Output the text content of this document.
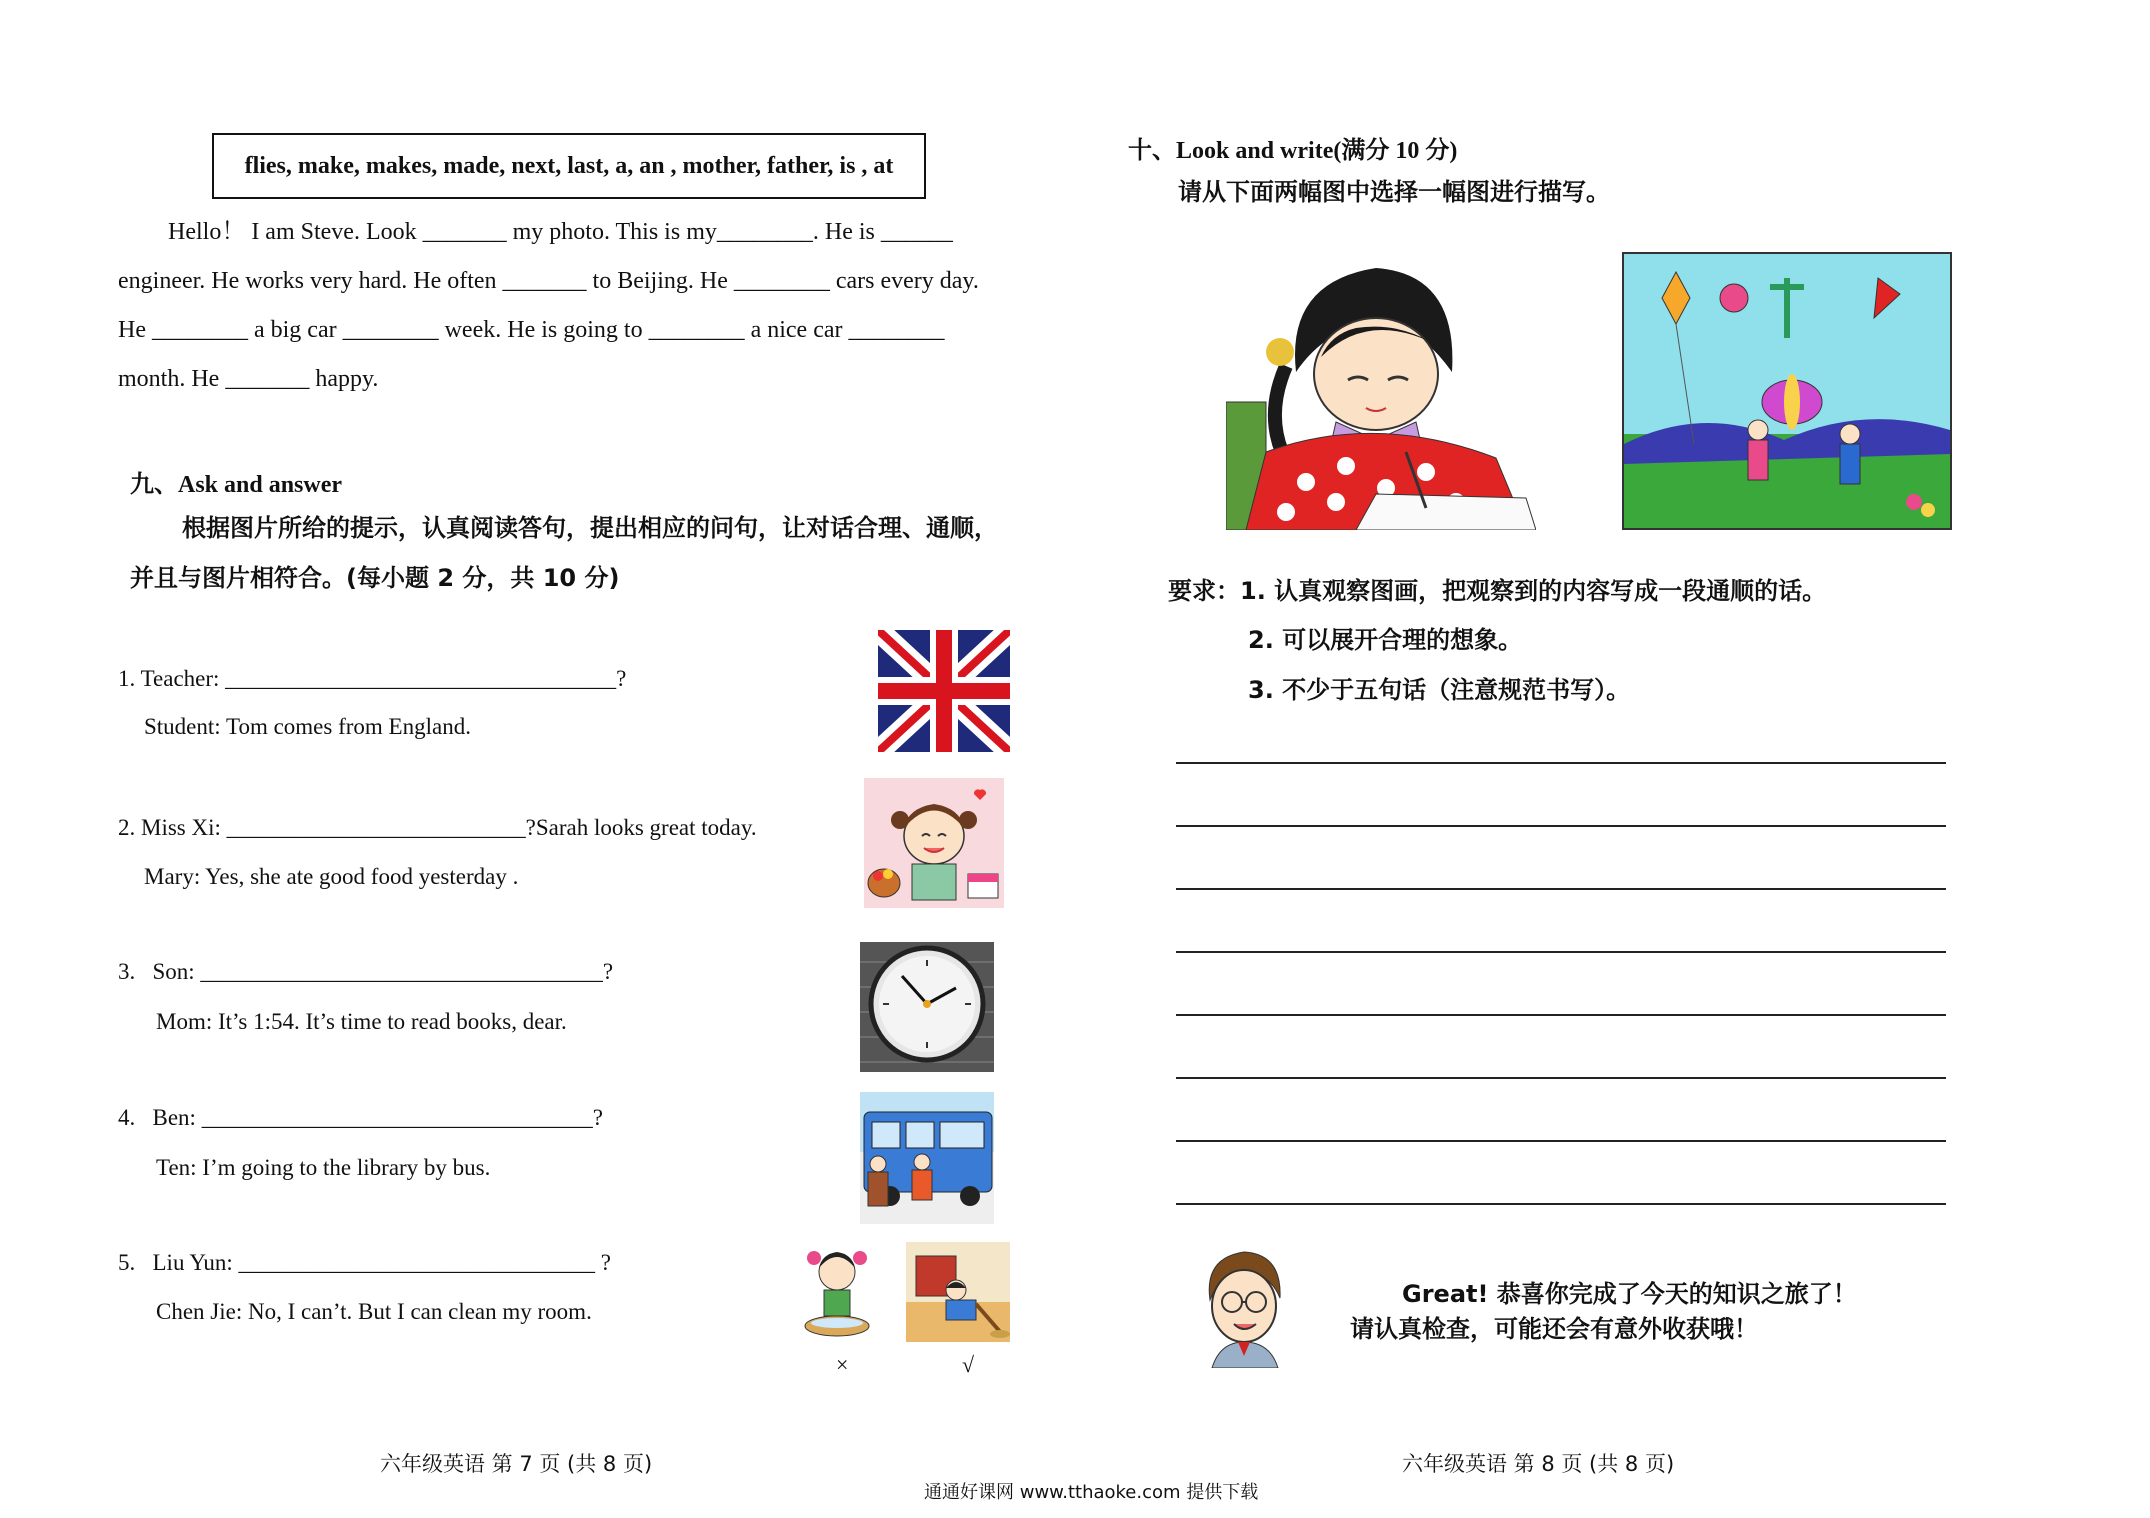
flies, make, makes, made, next, last, a, an , mother, father, is , at
Hello！ I am Steve. Look _______ my photo. This is my________. He is ______
engineer. He works very hard. He often _______ to Beijing. He ________ cars every day.
He ________ a big car ________ week. He is going to ________ a nice car ________
month. He _______ happy.
九、Ask and answer
根据图片所给的提示，认真阅读答句，提出相应的问句，让对话合理、通顺，
并且与图片相符合。(每小题 2 分，共 10 分)
1. Teacher: __________________________________?
Student: Tom comes from England.
2. Miss Xi: __________________________?Sarah looks great today.
Mary: Yes, she ate good food yesterday .
3.   Son: ___________________________________?
Mom: It’s 1:54. It’s time to read books, dear.
4.   Ben: __________________________________?
Ten: I’m going to the library by bus.
5.   Liu Yun: _______________________________ ?
Chen Jie: No, I can’t. But I can clean my room.
×	√
六年级英语 第 7 页 (共 8 页)
十、Look and write(满分 10 分)
请从下面两幅图中选择一幅图进行描写。
要求：1. 认真观察图画，把观察到的内容写成一段通顺的话。
2. 可以展开合理的想象。
3. 不少于五句话（注意规范书写）。
Great! 恭喜你完成了今天的知识之旅了！
请认真检查，可能还会有意外收获哦！
六年级英语 第 8 页 (共 8 页)
通通好课网 www.tthaoke.com 提供下载
